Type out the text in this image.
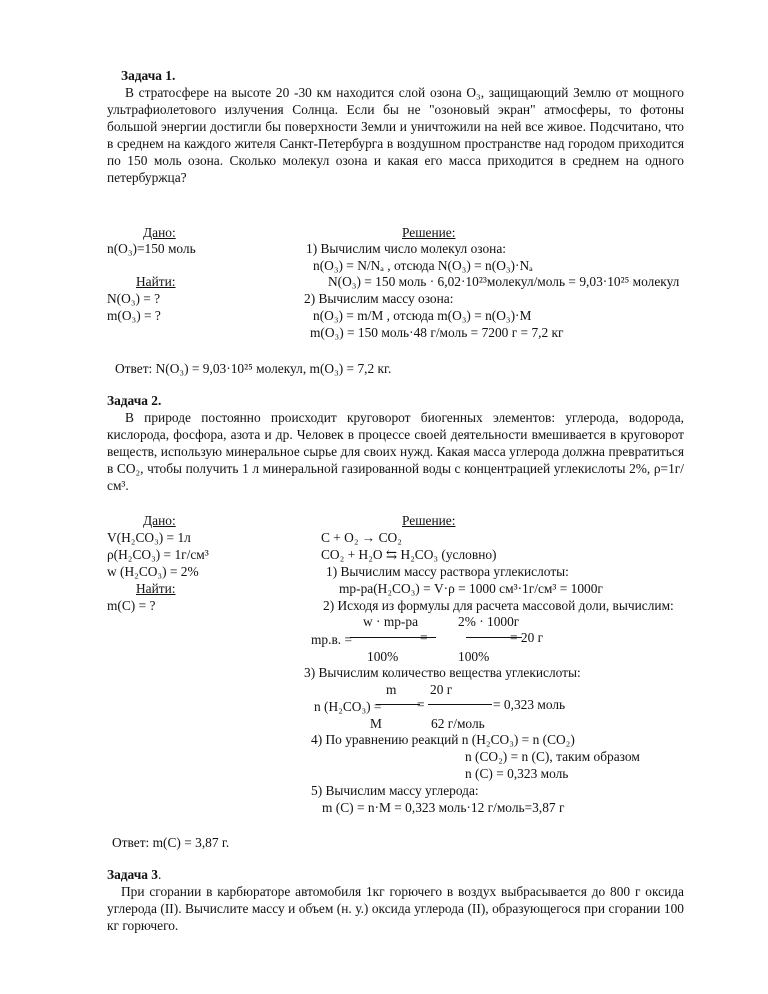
Задача 1.
В стратосфере на высоте 20 -30 км находится слой озона O₃, защищающий Землю от мощного ультрафиолетового излучения Солнца. Если бы не "озоновый экран" атмосферы, то фотоны большой энергии достигли бы поверхности Земли и уничтожили на ней все живое. Подсчитано, что в среднем на каждого жителя Санкт-Петербурга в воздушном пространстве над городом приходится по 150 моль озона. Сколько молекул озона и какая его масса приходится в среднем на одного петербуржца?
Дано:
n(O₃)=150 моль
Найти:
N(O₃) = ?
m(O₃) = ?
Решение:
1) Вычислим число молекул озона:
n(O₃) = N/Nₐ , отсюда N(O₃) = n(O₃)·Nₐ
N(O₃) = 150 моль · 6,02·10²³молекул/моль = 9,03·10²⁵ молекул
2) Вычислим массу озона:
n(O₃) = m/M , отсюда m(O₃) = n(O₃)·M
m(O₃) = 150 моль·48 г/моль = 7200 г = 7,2 кг
Ответ: N(O₃) = 9,03·10²⁵ молекул, m(O₃) = 7,2 кг.
Задача 2.
В природе постоянно происходит круговорот биогенных элементов: углерода, водорода, кислорода, фосфора, азота и др. Человек в процессе своей деятельности вмешивается в круговорот веществ, использую минеральное сырье для своих нужд. Какая масса углерода должна превратиться в CO₂, чтобы получить 1 л минеральной газированной воды с концентрацией углекислоты 2%, ρ=1г/см³.
Дано:
V(H₂CO₃) = 1л
ρ(H₂CO₃) = 1г/см³
w (H₂CO₃) = 2%
Найти:
m(C) = ?
Решение:
C + O₂ → CO₂
CO₂ + H₂O ⇆ H₂CO₃ (условно)
1) Вычислим массу раствора углекислоты:
mр-ра(H₂CO₃) = V·ρ = 1000 см³·1г/см³ = 1000г
2) Исходя из формулы для расчета массовой доли, вычислим:
w · mр-ра	2% · 1000г
mр.в. =	=	= 20 г
100%	100%
3) Вычислим количество вещества углекислоты:
m	20 г
n (H₂CO₃) =	=	= 0,323 моль
M	62 г/моль
4) По уравнению реакций n (H₂CO₃) = n (CO₂)
n (CO₂) = n (C), таким образом
n (C) = 0,323 моль
5) Вычислим массу углерода:
m (C) = n·M = 0,323 моль·12 г/моль=3,87 г
Ответ: m(C) = 3,87 г.
Задача 3.
При сгорании в карбюраторе автомобиля 1кг горючего в воздух выбрасывается до 800 г оксида углерода (II). Вычислите массу и объем (н. у.) оксида углерода (II), образующегося при сгорании 100 кг горючего.
